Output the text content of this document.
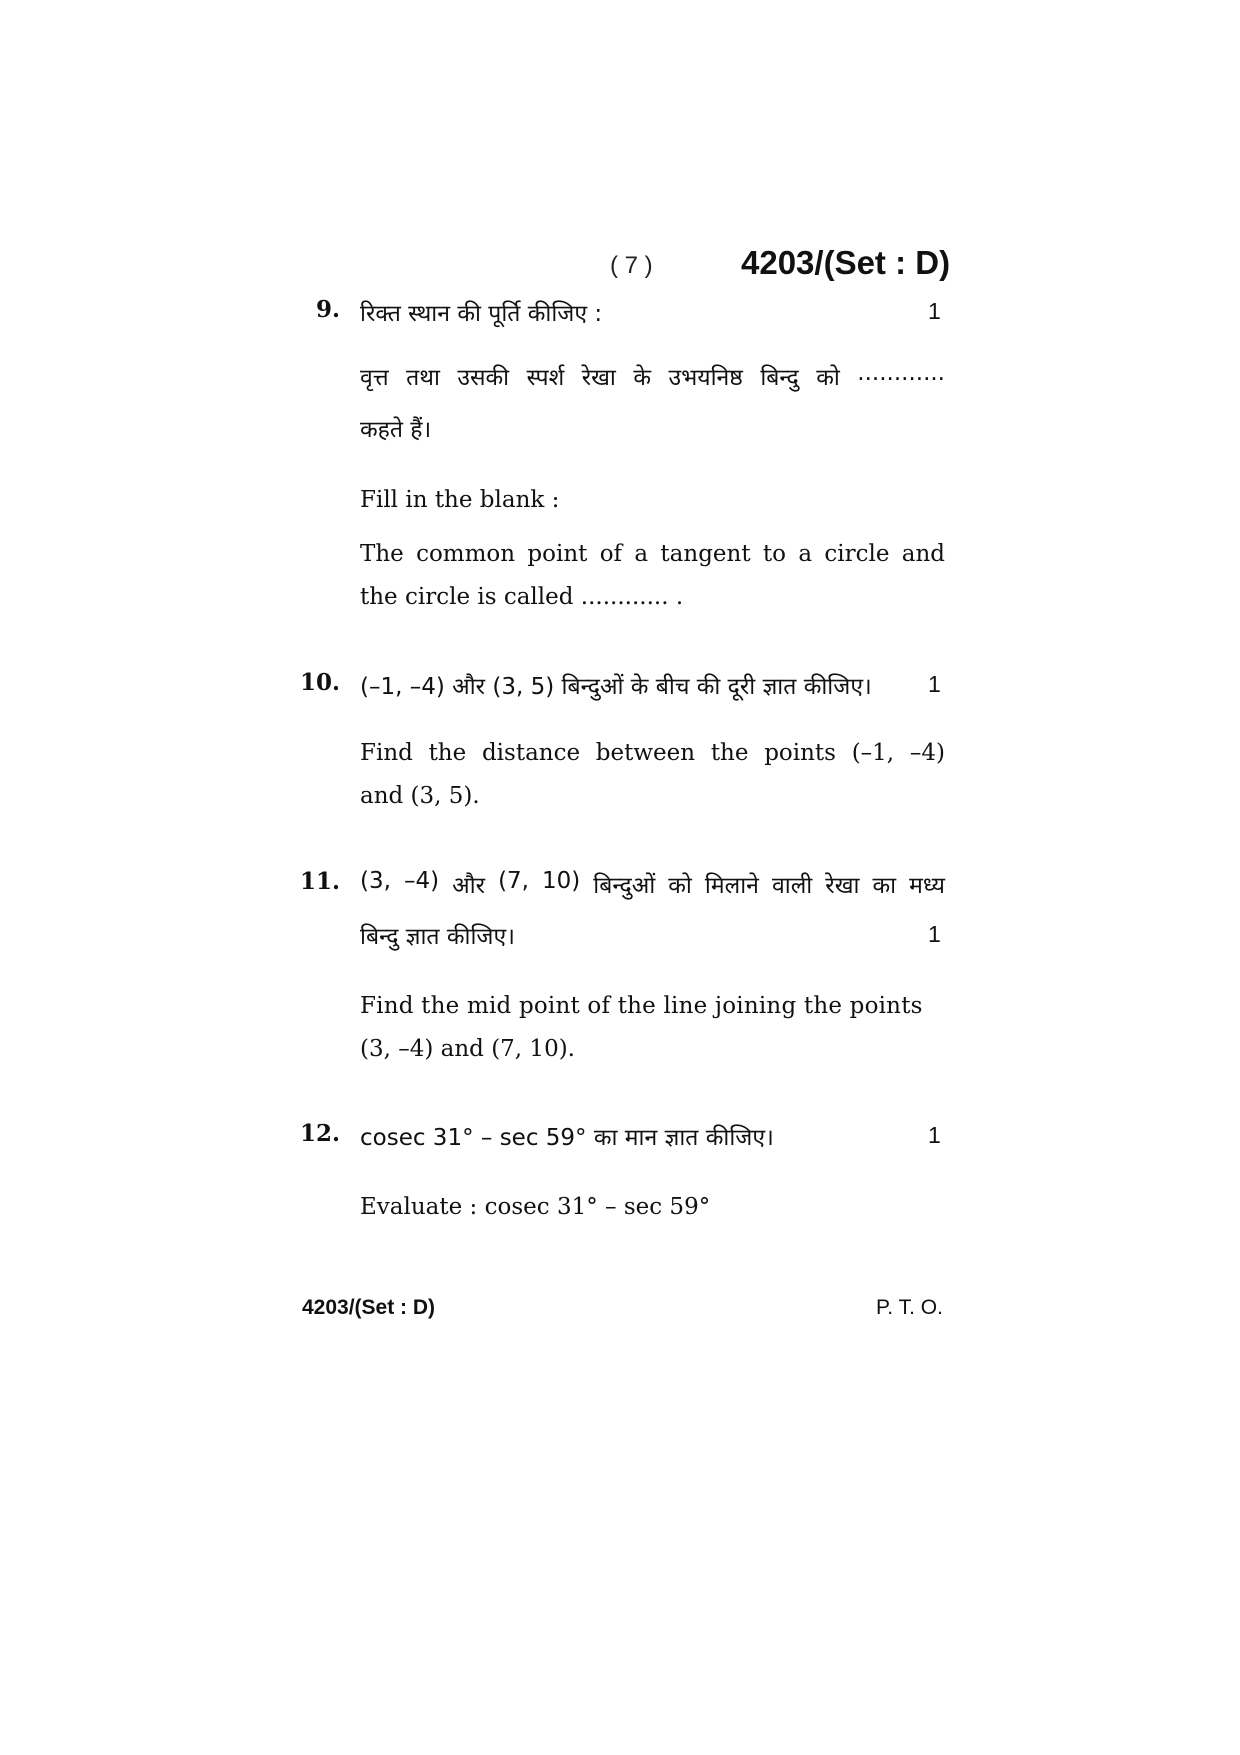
( 7 )	4203/(Set : D)
9.	1
रिक्त स्थान की पूर्ति कीजिए :
वृत्त तथा उसकी स्पर्श रेखा के उभयनिष्ठ बिन्दु को ............
कहते हैं।
Fill in the blank :
The common point of a tangent to a circle and
the circle is called ............ .
10.	1
(–1, –4) और (3, 5) बिन्दुओं के बीच की दूरी ज्ञात कीजिए।
Find the distance between the points (–1, –4)
and (3, 5).
11. (3, –4) और (7, 10) बिन्दुओं को मिलाने वाली रेखा का मध्य
बिन्दु ज्ञात कीजिए।	1
Find the mid point of the line joining the points
(3, –4) and (7, 10).
12.	1
cosec 31° – sec 59° का मान ज्ञात कीजिए।
Evaluate : cosec 31° – sec 59°
4203/(Set : D)	P. T. O.
